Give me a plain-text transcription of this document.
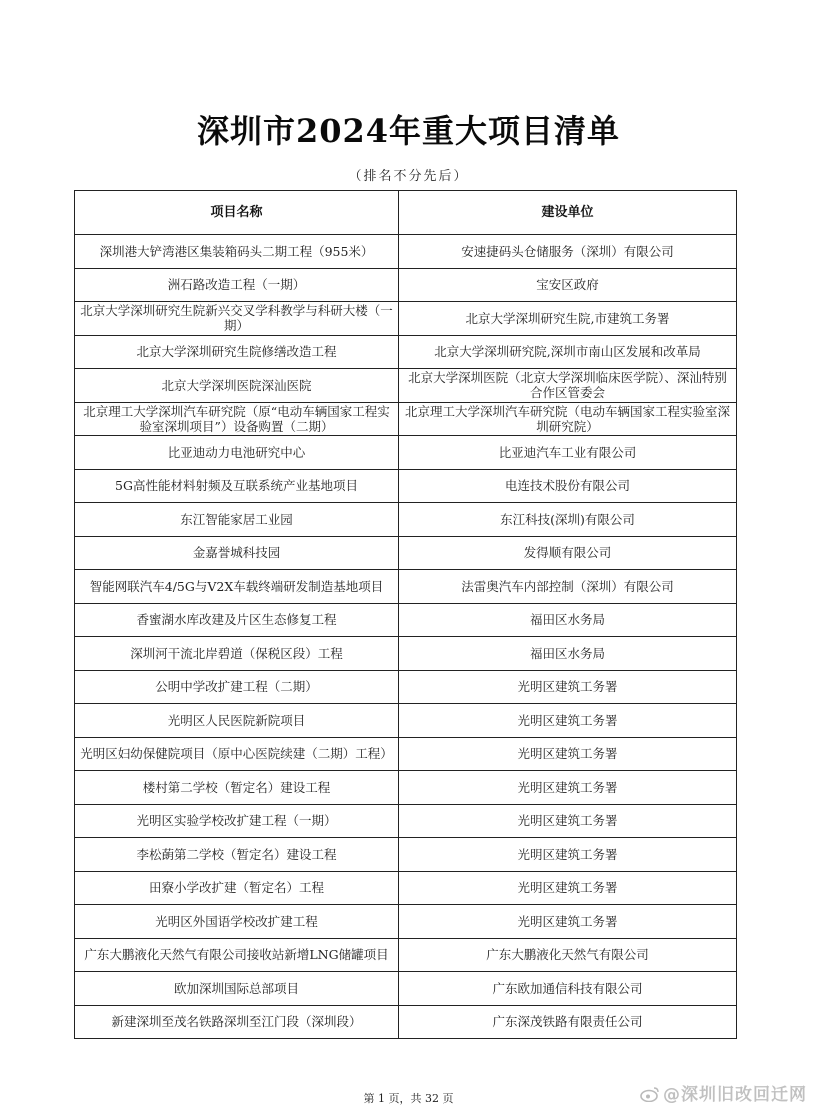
深圳市2024年重大项目清单
（排名不分先后）
项目名称	建设单位
深圳港大铲湾港区集装箱码头二期工程（955米）	安速捷码头仓储服务（深圳）有限公司
洲石路改造工程（一期）	宝安区政府
北京大学深圳研究生院新兴交叉学科教学与科研大楼（一期）	北京大学深圳研究生院,市建筑工务署
北京大学深圳研究生院修缮改造工程	北京大学深圳研究院,深圳市南山区发展和改革局
北京大学深圳医院深汕医院	北京大学深圳医院（北京大学深圳临床医学院）、深汕特别合作区管委会
北京理工大学深圳汽车研究院（原“电动车辆国家工程实验室深圳项目”）设备购置（二期）	北京理工大学深圳汽车研究院（电动车辆国家工程实验室深圳研究院）
比亚迪动力电池研究中心	比亚迪汽车工业有限公司
5G高性能材料射频及互联系统产业基地项目	电连技术股份有限公司
东江智能家居工业园	东江科技(深圳)有限公司
金嘉誉城科技园	发得顺有限公司
智能网联汽车4/5G与V2X车载终端研发制造基地项目	法雷奥汽车内部控制（深圳）有限公司
香蜜湖水库改建及片区生态修复工程	福田区水务局
深圳河干流北岸碧道（保税区段）工程	福田区水务局
公明中学改扩建工程（二期）	光明区建筑工务署
光明区人民医院新院项目	光明区建筑工务署
光明区妇幼保健院项目（原中心医院续建（二期）工程）	光明区建筑工务署
楼村第二学校（暂定名）建设工程	光明区建筑工务署
光明区实验学校改扩建工程（一期）	光明区建筑工务署
李松蓢第二学校（暂定名）建设工程	光明区建筑工务署
田寮小学改扩建（暂定名）工程	光明区建筑工务署
光明区外国语学校改扩建工程	光明区建筑工务署
广东大鹏液化天然气有限公司接收站新增LNG储罐项目	广东大鹏液化天然气有限公司
欧加深圳国际总部项目	广东欧加通信科技有限公司
新建深圳至茂名铁路深圳至江门段（深圳段）	广东深茂铁路有限责任公司
第 1 页，共 32 页	@深圳旧改回迁网
